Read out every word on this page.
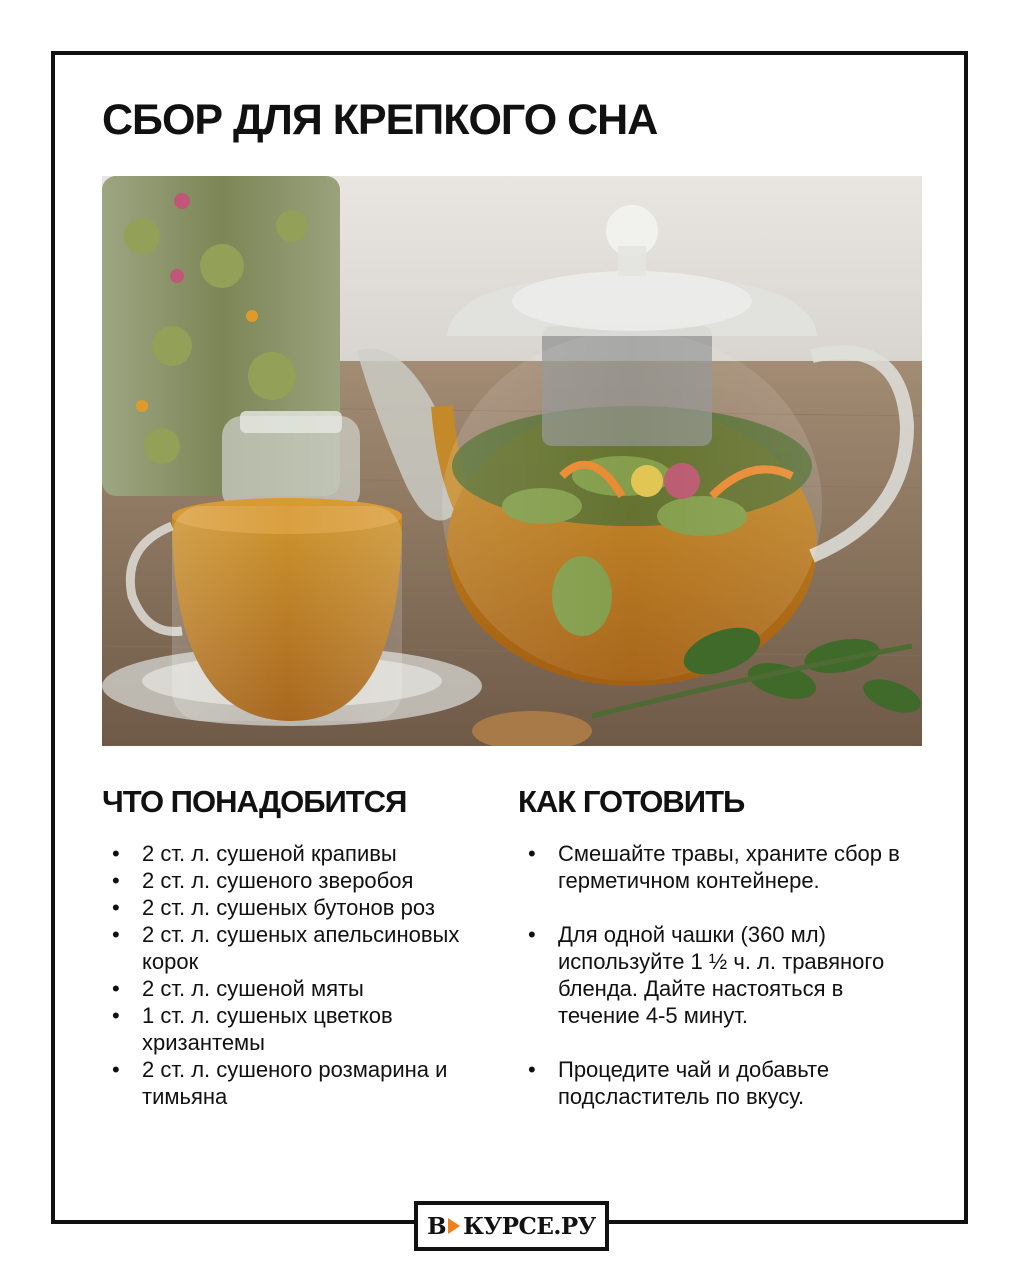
СБОР ДЛЯ КРЕПКОГО СНА
ЧТО ПОНАДОБИТСЯ	КАК ГОТОВИТЬ
• 2 ст. л. сушеной крапивы
• 2 ст. л. сушеного зверобоя
• 2 ст. л. сушеных бутонов роз
• 2 ст. л. сушеных апельсиновых корок
• 2 ст. л. сушеной мяты
• 1 ст. л. сушеных цветков хризантемы
• 2 ст. л. сушеного розмарина и тимьяна
• Смешайте травы, храните сбор в герметичном контейнере.
• Для одной чашки (360 мл) используйте 1 ½ ч. л. травяного бленда. Дайте настояться в течение 4-5 минут.
• Процедите чай и добавьте подсластитель по вкусу.
В КУРСЕ.РУ
